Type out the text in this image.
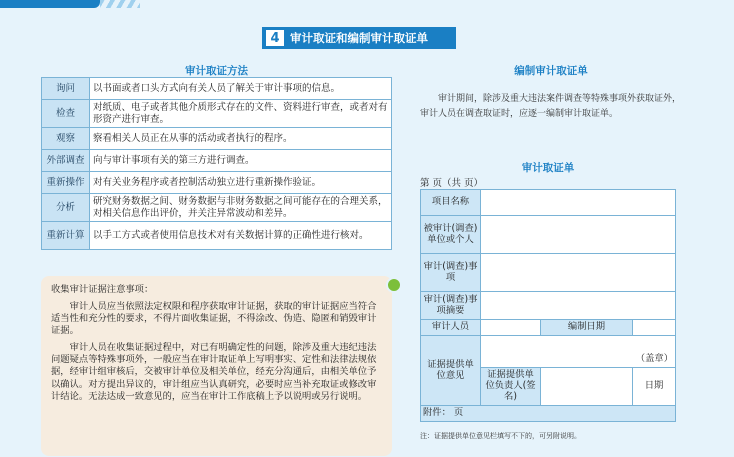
4 审计取证和编制审计取证单
审计取证方法
询问	以书面或者口头方式向有关人员了解关于审计事项的信息。
检查	对纸质、电子或者其他介质形式存在的文件、资料进行审查，或者对有形资产进行审查。
观察	察看相关人员正在从事的活动或者执行的程序。
外部调查	向与审计事项有关的第三方进行调查。
重新操作	对有关业务程序或者控制活动独立进行重新操作验证。
分析	研究财务数据之间、财务数据与非财务数据之间可能存在的合理关系，对相关信息作出评价，并关注异常波动和差异。
重新计算	以手工方式或者使用信息技术对有关数据计算的正确性进行核对。
收集审计证据注意事项：

审计人员应当依照法定权限和程序获取审计证据，获取的审计证据应当符合适当性和充分性的要求，不得片面收集证据，不得涂改、伪造、隐匿和销毁审计证据。

审计人员在收集证据过程中，对已有明确定性的问题，除涉及重大违纪违法问题疑点等特殊事项外，一般应当在审计取证单上写明事实、定性和法律法规依据，经审计组审核后，交被审计单位及相关单位，经充分沟通后，由相关单位予以确认。对方提出异议的，审计组应当认真研究，必要时应当补充取证或修改审计结论。无法达成一致意见的，应当在审计工作底稿上予以说明或另行说明。

编制审计取证单
审计期间，除涉及重大违法案件调查等特殊事项外获取证外，审计人员在调查取证时，应逐一编制审计取证单。
审计取证单
第 页（共 页）
项目名称			
被审计(调查)单位或个人			
审计(调查)事项			
审计(调查)事项摘要			
审计人员		编制日期	
证据提供单位意见	（盖章）		
	证据提供单位负责人(签名)		日期
附件： 页			
注：证据提供单位意见栏填写不下的，可另附说明。
